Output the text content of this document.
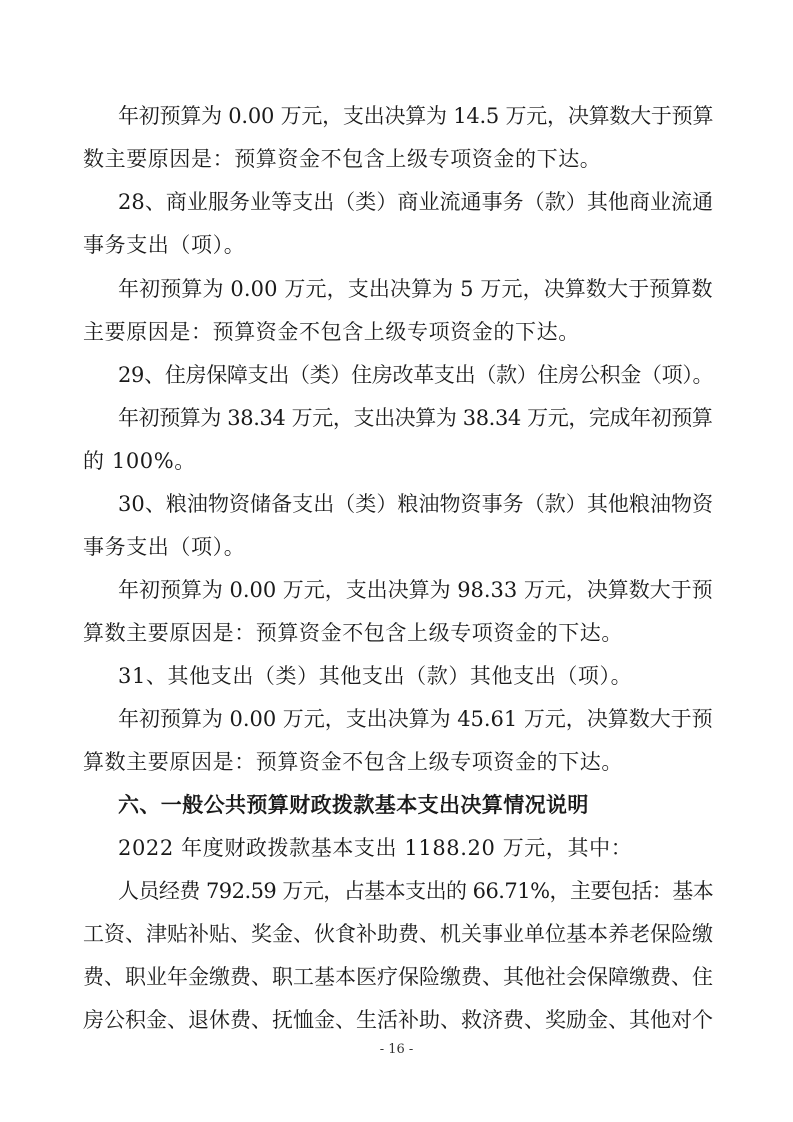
年初预算为 0.00 万元，支出决算为 14.5 万元，决算数大于预算
数主要原因是：预算资金不包含上级专项资金的下达。
28、商业服务业等支出（类）商业流通事务（款）其他商业流通
事务支出（项）。
年初预算为 0.00 万元，支出决算为 5 万元，决算数大于预算数
主要原因是：预算资金不包含上级专项资金的下达。
29、住房保障支出（类）住房改革支出（款）住房公积金（项）。
年初预算为 38.34 万元，支出决算为 38.34 万元，完成年初预算
的 100%。
30、粮油物资储备支出（类）粮油物资事务（款）其他粮油物资
事务支出（项）。
年初预算为 0.00 万元，支出决算为 98.33 万元，决算数大于预
算数主要原因是：预算资金不包含上级专项资金的下达。
31、其他支出（类）其他支出（款）其他支出（项）。
年初预算为 0.00 万元，支出决算为 45.61 万元，决算数大于预
算数主要原因是：预算资金不包含上级专项资金的下达。
六、一般公共预算财政拨款基本支出决算情况说明
2022 年度财政拨款基本支出 1188.20 万元，其中：
人员经费 792.59 万元，占基本支出的 66.71%，主要包括：基本
工资、津贴补贴、奖金、伙食补助费、机关事业单位基本养老保险缴
费、职业年金缴费、职工基本医疗保险缴费、其他社会保障缴费、住
房公积金、退休费、抚恤金、生活补助、救济费、奖励金、其他对个
- 16 -
